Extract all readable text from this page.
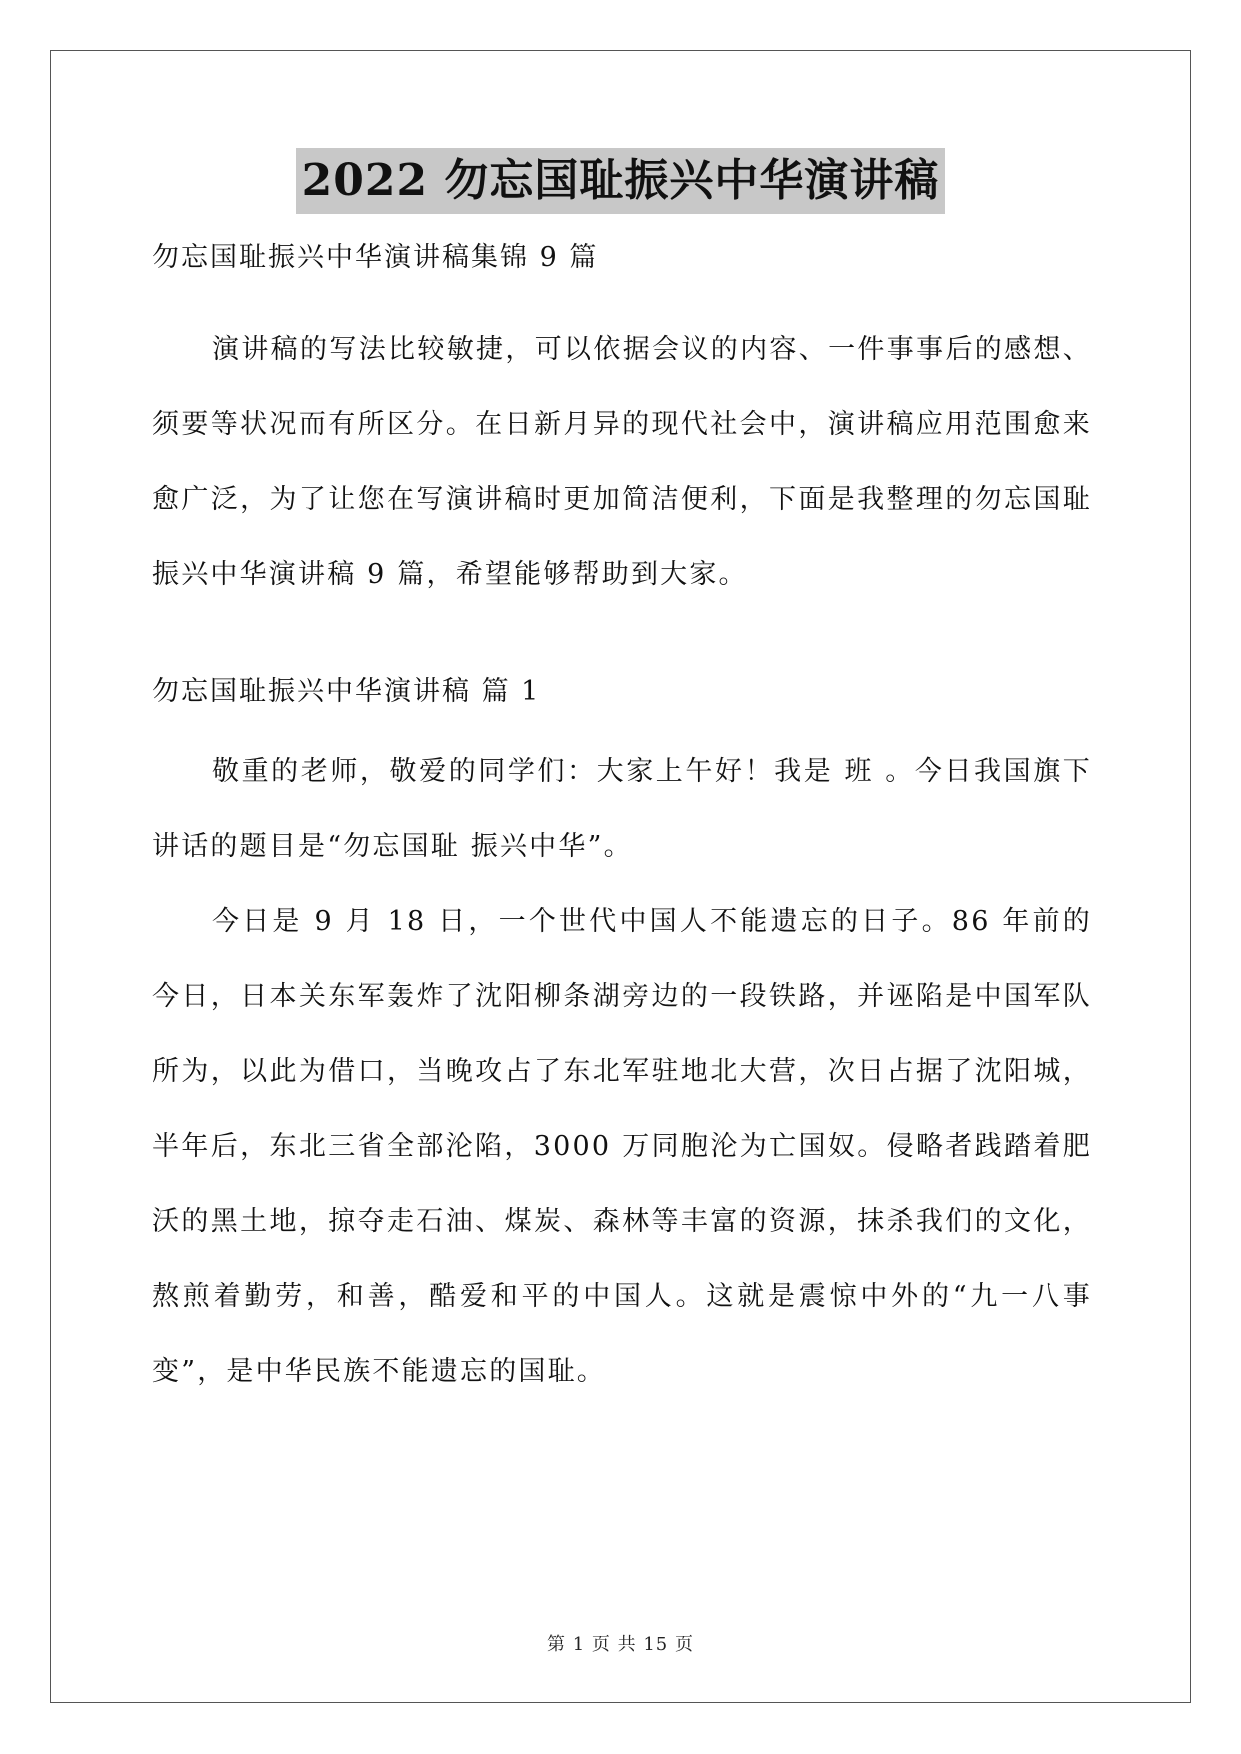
2022 勿忘国耻振兴中华演讲稿

勿忘国耻振兴中华演讲稿集锦 9 篇

演讲稿的写法比较敏捷，可以依据会议的内容、一件事事后的感想、须要等状况而有所区分。在日新月异的现代社会中，演讲稿应用范围愈来愈广泛，为了让您在写演讲稿时更加简洁便利，下面是我整理的勿忘国耻振兴中华演讲稿 9 篇，希望能够帮助到大家。

勿忘国耻振兴中华演讲稿 篇 1

敬重的老师，敬爱的同学们：大家上午好！我是 班 。今日我国旗下讲话的题目是“勿忘国耻 振兴中华”。

今日是 9 月 18 日，一个世代中国人不能遗忘的日子。86 年前的今日，日本关东军轰炸了沈阳柳条湖旁边的一段铁路，并诬陷是中国军队所为，以此为借口，当晚攻占了东北军驻地北大营，次日占据了沈阳城，半年后，东北三省全部沦陷，3000 万同胞沦为亡国奴。侵略者践踏着肥沃的黑土地，掠夺走石油、煤炭、森林等丰富的资源，抹杀我们的文化，熬煎着勤劳，和善，酷爱和平的中国人。这就是震惊中外的“九一八事变”，是中华民族不能遗忘的国耻。

第 1 页 共 15 页
